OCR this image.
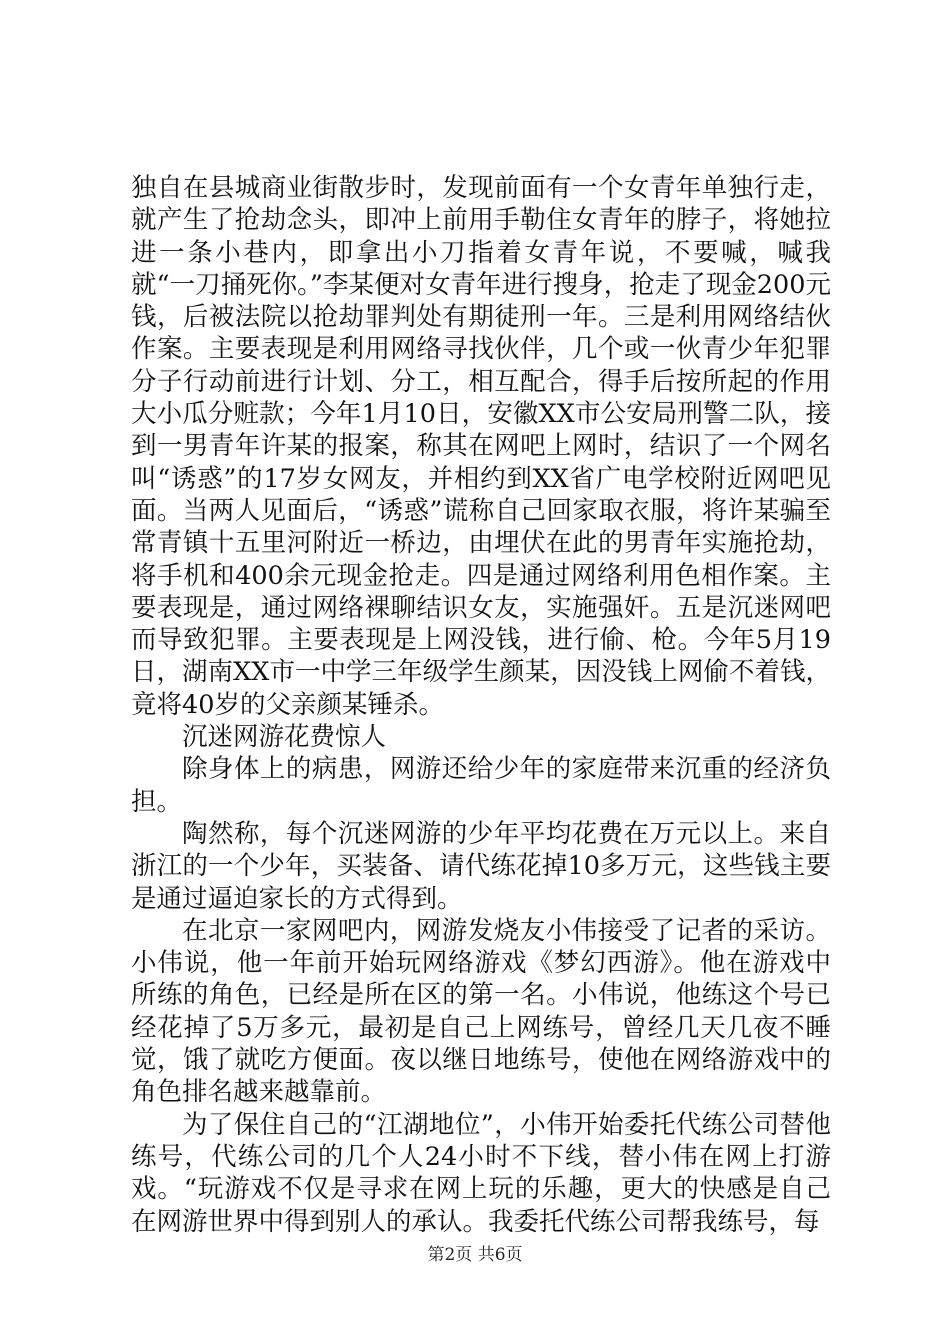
独自在县城商业街散步时，发现前面有一个女青年单独行走，就产生了抢劫念头，即冲上前用手勒住女青年的脖子，将她拉进一条小巷内，即拿出小刀指着女青年说，不要喊，喊我就“一刀捅死你。”李某便对女青年进行搜身，抢走了现金200元钱，后被法院以抢劫罪判处有期徒刑一年。三是利用网络结伙作案。主要表现是利用网络寻找伙伴，几个或一伙青少年犯罪分子行动前进行计划、分工，相互配合，得手后按所起的作用大小瓜分赃款；今年1月10日，安徽XX市公安局刑警二队，接到一男青年许某的报案，称其在网吧上网时，结识了一个网名叫“诱惑”的17岁女网友，并相约到XX省广电学校附近网吧见面。当两人见面后，“诱惑”谎称自己回家取衣服，将许某骗至常青镇十五里河附近一桥边，由埋伏在此的男青年实施抢劫，将手机和400余元现金抢走。四是通过网络利用色相作案。主要表现是，通过网络裸聊结识女友，实施强奸。五是沉迷网吧而导致犯罪。主要表现是上网没钱，进行偷、枪。今年5月19日，湖南XX市一中学三年级学生颜某，因没钱上网偷不着钱，竟将40岁的父亲颜某锤杀。

沉迷网游花费惊人

除身体上的病患，网游还给少年的家庭带来沉重的经济负担。

陶然称，每个沉迷网游的少年平均花费在万元以上。来自浙江的一个少年，买装备、请代练花掉10多万元，这些钱主要是通过逼迫家长的方式得到。

在北京一家网吧内，网游发烧友小伟接受了记者的采访。小伟说，他一年前开始玩网络游戏《梦幻西游》。他在游戏中所练的角色，已经是所在区的第一名。小伟说，他练这个号已经花掉了5万多元，最初是自己上网练号，曾经几天几夜不睡觉，饿了就吃方便面。夜以继日地练号，使他在网络游戏中的角色排名越来越靠前。

为了保住自己的“江湖地位”，小伟开始委托代练公司替他练号，代练公司的几个人24小时不下线，替小伟在网上打游戏。“玩游戏不仅是寻求在网上玩的乐趣，更大的快感是自己在网游世界中得到别人的承认。我委托代练公司帮我练号，每

第2页 共6页
